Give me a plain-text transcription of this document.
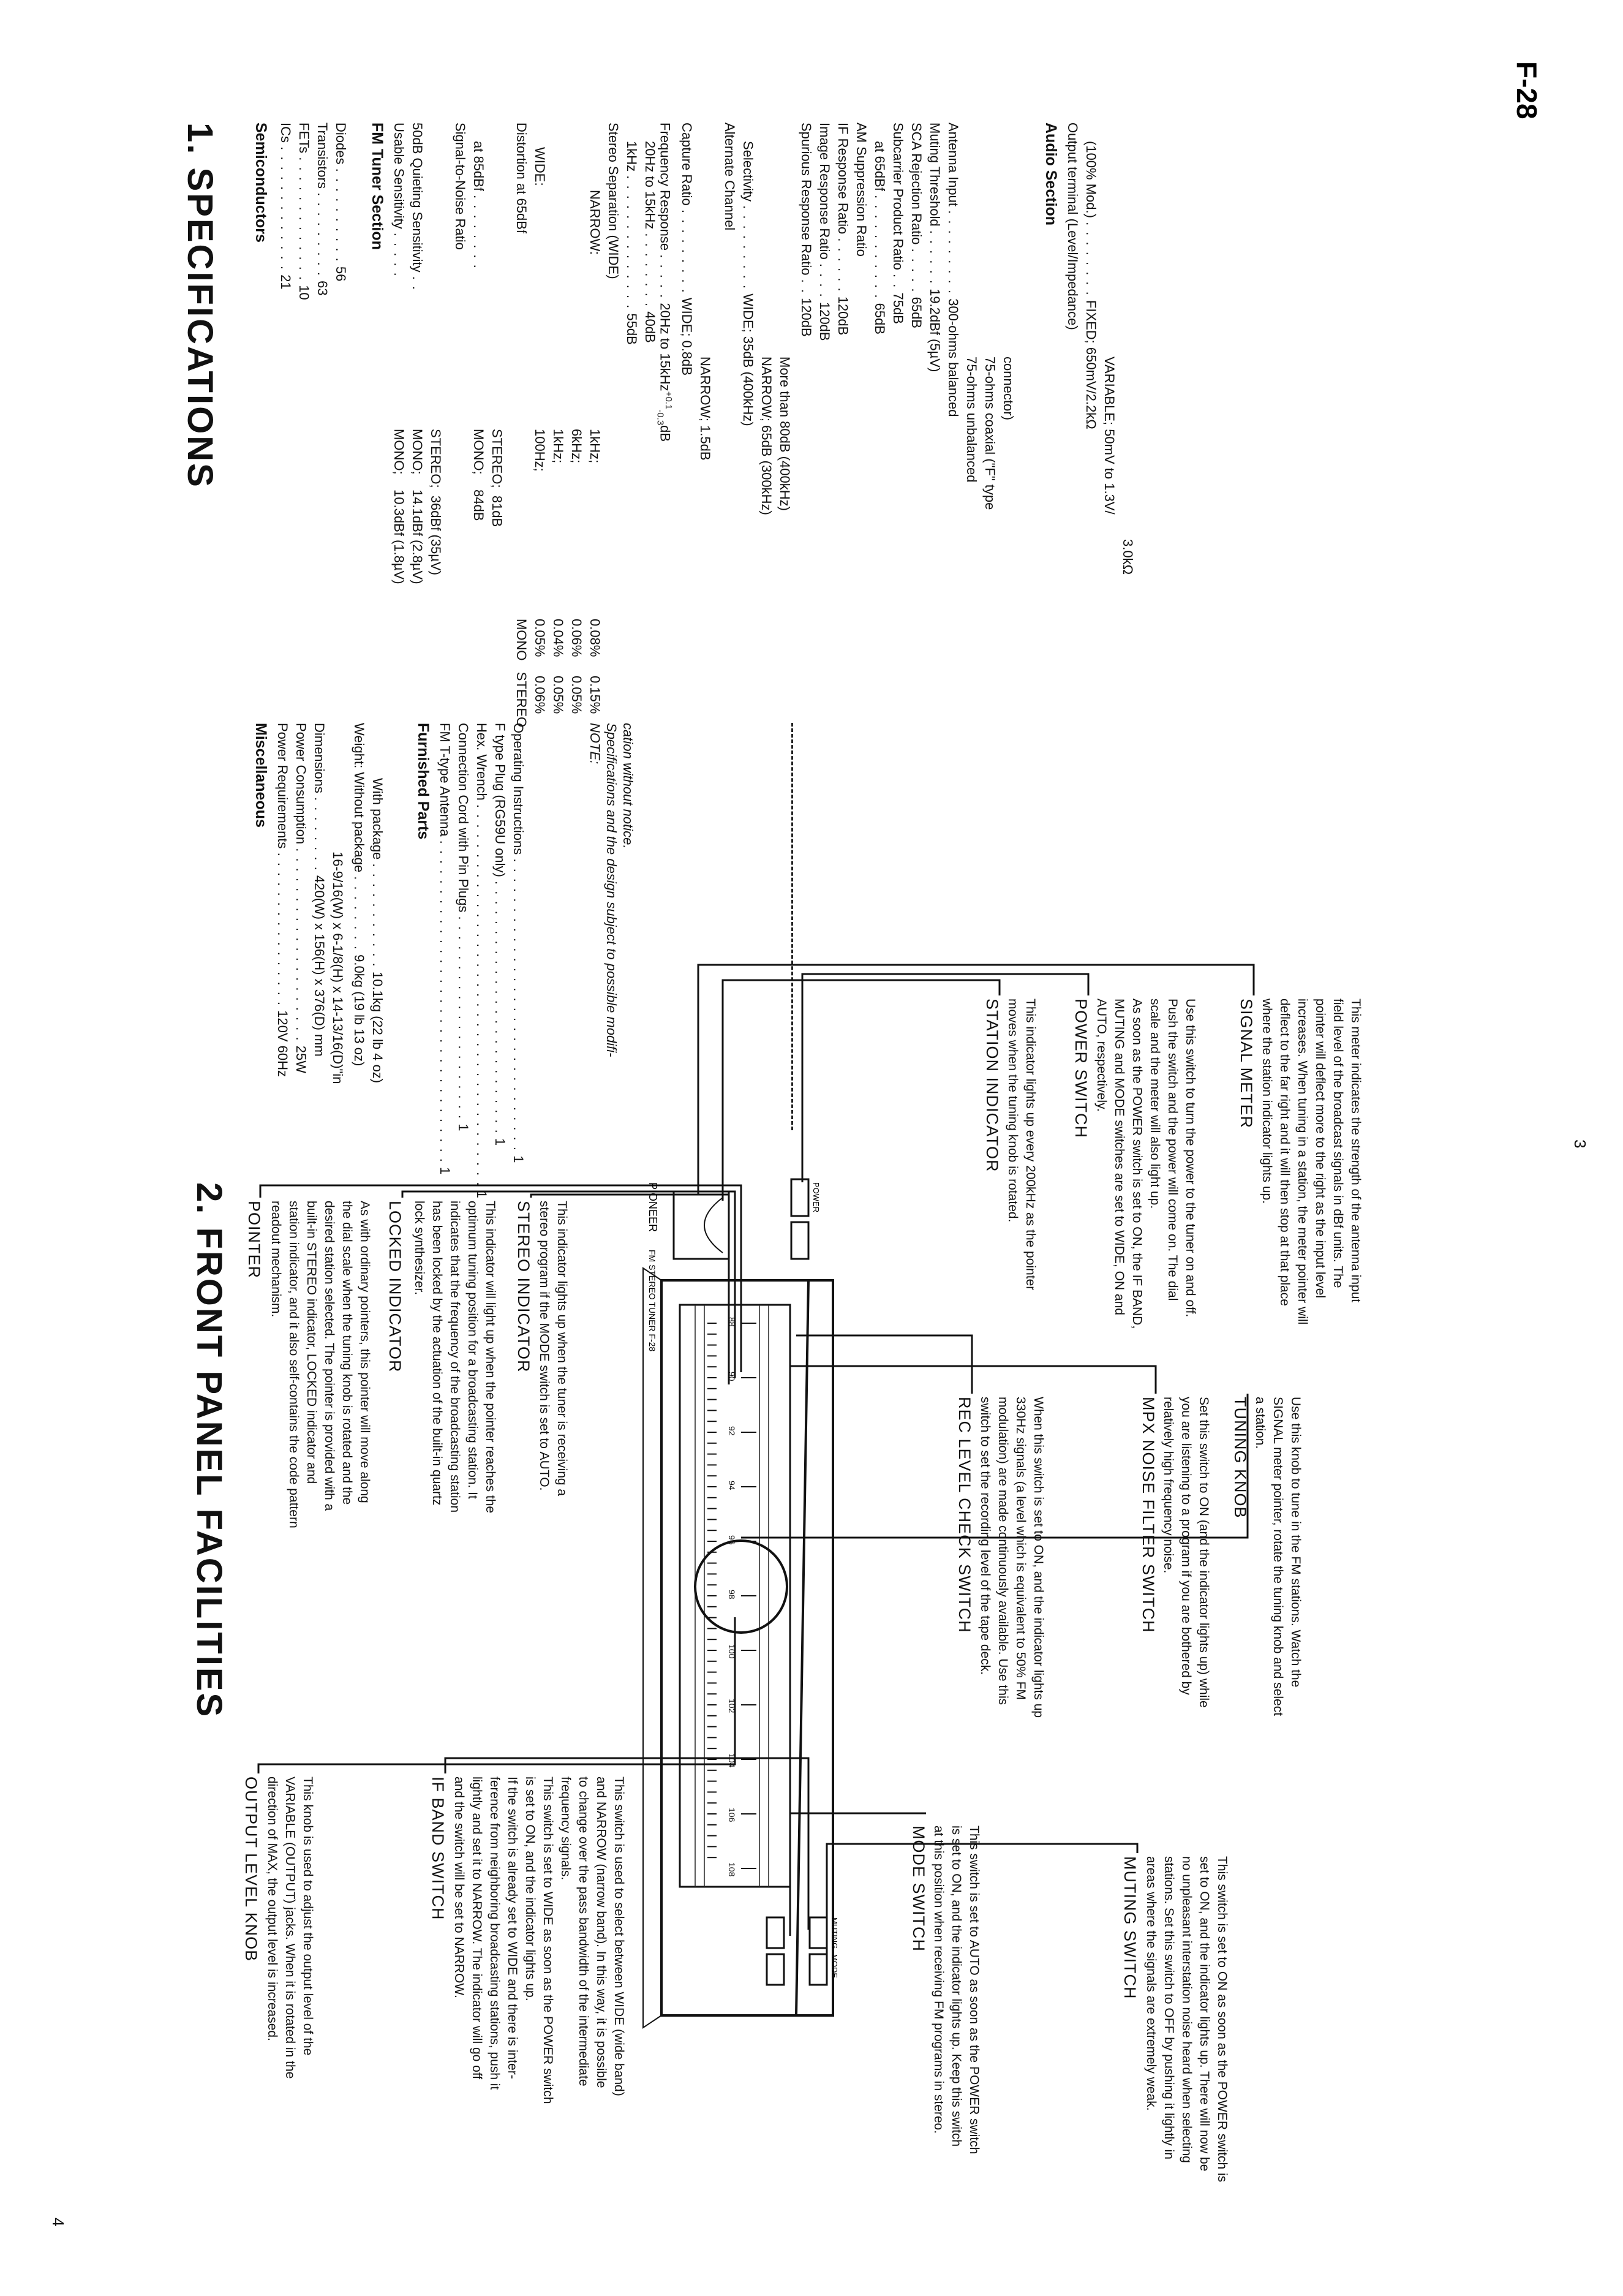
F-28
1. SPECIFICATIONS Semiconductors ICs . . . . . . . . . . . . . 21
FETs . . . . . . . . . . . . . 10
Transistors . . . . . . . . . 63
Diodes . . . . . . . . . . 56
FM Tuner Section Usable Sensitivity . . . . .
MONO;    10.3dBf (1.8µV)
50dB Quieting Sensitivity . .
MONO;    14.1dBf (2.8µV)
STEREO;  36dBf (35µV)
Signal-to-Noise Ratio at 85dBf . . . . . . . .
MONO;    84dB
STEREO;  81dB
Distortion at 65dBf
MONO   STEREO
WIDE:
100Hz;
0.05%     0.06%
1kHz;
0.04%     0.05%
6kHz;
0.06%     0.05%
NARROW:
1kHz;
0.08%     0.15%
Stereo Separation (WIDE) 1kHz . . . . . . . . . . . . . . 55dB
20Hz to 15kHz . . . . . . . . 40dB
Frequency Response . . . . . 20Hz to 15kHz$^{+0.1}_{-0.3}$dB
Capture Ratio . . . . . . . . . WIDE; 0.8dB
NARROW; 1.5dB
Alternate Channel Selectivity . . . . . . . . . WIDE; 35dB (400kHz) NARROW; 65dB (300kHz) More than 80dB (400kHz)
Spurious Response Ratio . . 120dB
Image Response Ratio . . . . 120dB
IF Response Ratio . . . . . . 120dB
AM Suppression Ratio at 65dBf . . . . . . . . . . . 65dB
Subcarrier Product Ratio . . 75dB
SCA Rejection Ratio . . . . . 65dB
Muting Threshold . . . . . . 19.2dBf (5µV)
Antenna Input . . . . . . . . . 300-ohms balanced 75-ohms unbalanced 75-ohms coaxial ("F" type connector)
Audio Section Output terminal (Level/Impedance) (100% Mod.) . . . . . . . . FIXED; 650mV/2.2kΩ VARIABLE; 50mV to 1.3V/
3.0kΩ
Miscellaneous Power Requirements . . . . . . . . . . . . . . . . 120V 60Hz
Power Consumption . . . . . . . . . . . . . . . . . . . . 25W
Dimensions . . . . . . . . 420(W) x 156(H) x 376(D) mm 16-9/16(W) x 6-1/8(H) x 14-13/16(D)"in
Weight: Without package . . . . . . . . 9.0kg (19 lb 13 oz)
With package . . . . . . . . . . . 10.1kg (22 lb 4 oz)
Furnished Parts FM T-type Antenna . . . . . . . . . . . . . . . . . . . . . . . . . . . . . . . . . 1
Connection Cord with Pin Plugs . . . . . . . . . . . . . . . . . . . . . 1
Hex. Wrench . . . . . . . . . . . . . . . . . . . . . . . . . . . . . . . . . . . . . . . 1
F type Plug (RG59U only) . . . . . . . . . . . . . . . . . . . . . . . . . . 1
Operating Instructions . . . . . . . . . . . . . . . . . . . . . . . . . . . . . . 1
NOTE: Specifications and the design subject to possible modifi- cation without notice.
2. FRONT PANEL FACILITIES POINTER	As with ordinary pointers, this pointer will move along
the dial scale when the tuning knob is rotated and the
desired station selected. The pointer is provided with a
built-in STEREO indicator, LOCKED indicator and
station indicator, and it also self-contains the code pattern
readout mechanism.	LOCKED INDICATOR	This indicator will light up when the pointer reaches the
optimum tuning position for a broadcasting station. It
indicates that the frequency of the broadcasting station
has been locked by the actuation of the built-in quartz
lock synthesizer.	STEREO INDICATOR This indicator lights up when the tuner is receiving a
stereo program if the MODE switch is set to AUTO.
OUTPUT LEVEL KNOB	This knob is used to adjust the output level of the
VARIABLE (OUTPUT) jacks. When it is rotated in the
direction of MAX, the output level is increased.	IF BAND SWITCH	This switch is used to select between WIDE (wide band)
and NARROW (narrow band). In this way, it is possible
to change over the pass bandwidth of the intermediate
frequency signals.
This switch is set to WIDE as soon as the POWER switch
is set to ON, and the indicator lights up.
If the switch is already set to WIDE and there is inter-
ference from neighboring broadcasting stations, push it
lightly and set it to NARROW. The indicator will go off
and the switch will be set to NARROW.
STATION INDICATOR This indicator lights up every 200kHz as the pointer
moves when the tuning knob is rotated.	POWER SWITCH	Use this switch to turn the power to the tuner on and off.
Push the switch and the power will come on. The dial
scale and the meter will also light up.
As soon as the POWER switch is set to ON, the IF BAND,
MUTING and MODE switches are set to WIDE, ON and
AUTO, respectively.	SIGNAL METER	This meter indicates the strength of the antenna input
field level of the broadcast signals in dBf units. The
pointer will deflect more to the right as the input level
increases. When tuning in a station, the meter pointer will
deflect to the far right and it will then stop at that place
where the station indicator lights up.
REC LEVEL CHECK SWITCH	When this switch is set to ON, and the indicator lights up
330Hz signals (a level which is equivalent to 50% FM
modulation) are made continuously available. Use this
switch to set the recording level of the tape deck.	MPX NOISE FILTER SWITCH	Set this switch to ON (and the indicator lights up) while
you are listening to a program if you are bothered by
relatively high frequency noise.	TUNING KNOB	Use this knob to tune in the FM stations. Watch the
SIGNAL meter pointer, rotate the tuning knob and select
a station.
MODE SWITCH	This switch is set to AUTO as soon as the POWER switch
is set to ON, and the indicator lights up. Keep this switch
at this position when receiving FM programs in stereo.	MUTING SWITCH	This switch is set to ON as soon as the POWER switch is
set to ON, and the indicator lights up. There will now be
no unpleasant interstation noise heard when selecting
stations. Set this switch to OFF by pushing it lightly in
areas where the signals are extremely weak.
PIONEER
FM STEREO TUNER F-28
POWER
MUTING
MODE
88
90
92
94
96
98
100
102
104
106
108
3
4
